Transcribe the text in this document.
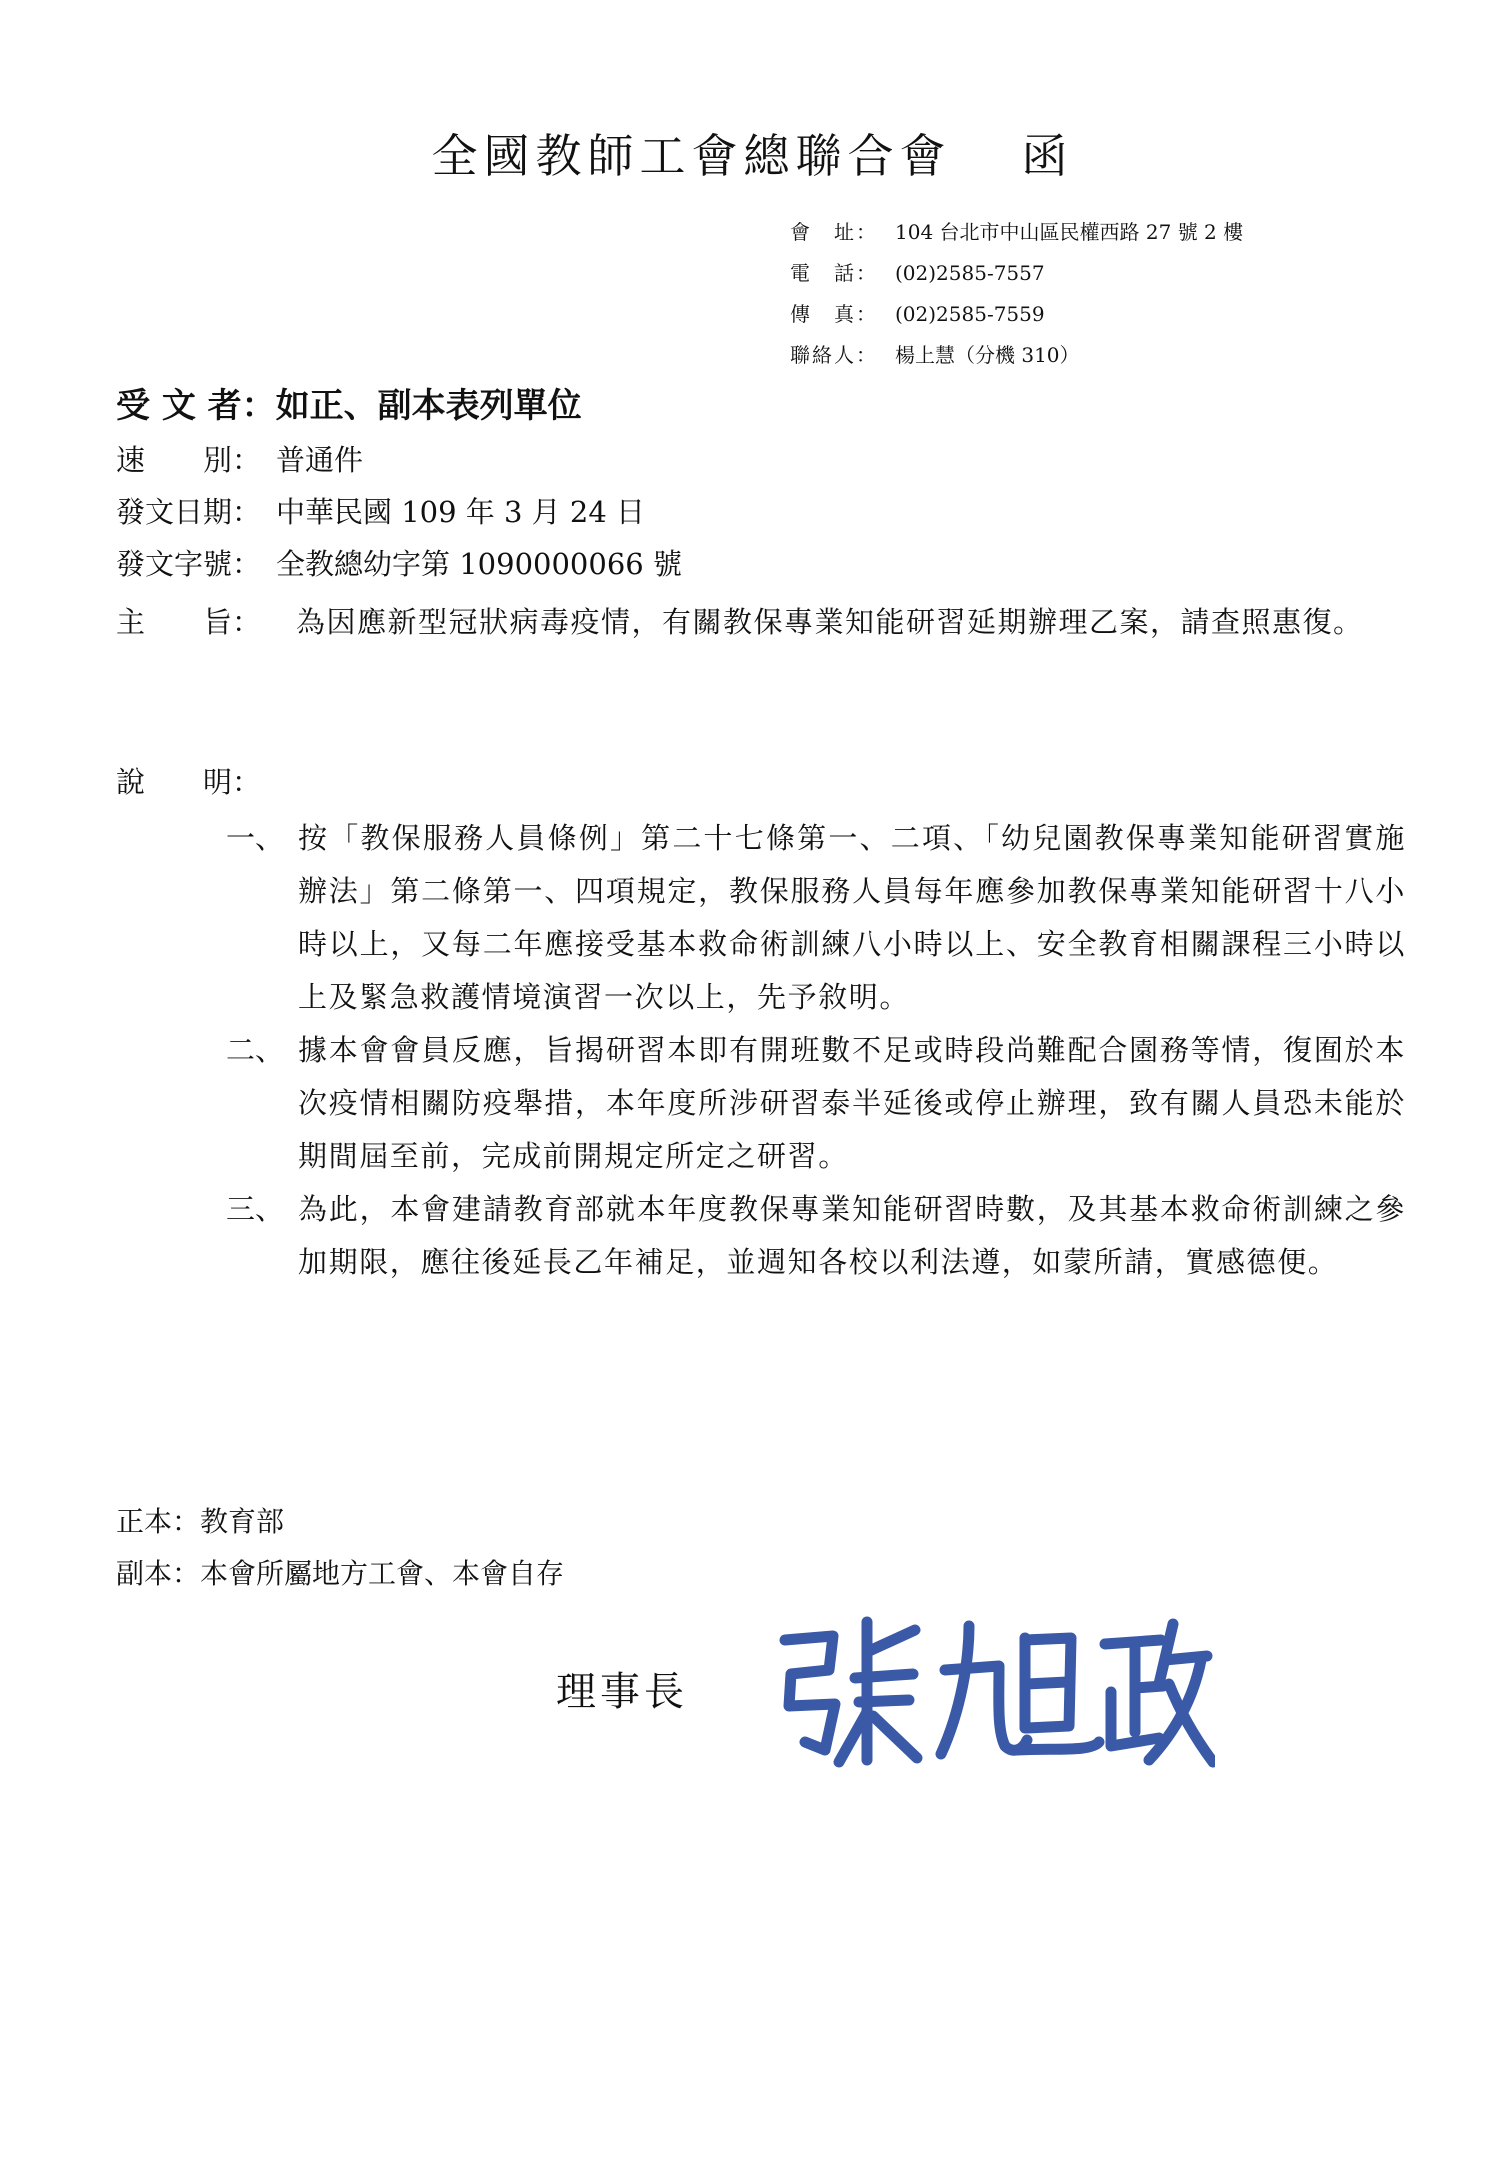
全國教師工會總聯合會 函
會　址： 104 台北市中山區民權西路 27 號 2 樓
電　話： (02)2585-7557
傳　真： (02)2585-7559
聯絡人： 楊上慧（分機 310）
受 文 者：如正、副本表列單位
速　　別： 普通件
發文日期： 中華民國 109 年 3 月 24 日
發文字號： 全教總幼字第 1090000066 號
主　　旨：	為因應新型冠狀病毒疫情，有關教保專業知能研習延期辦理乙案，請查照惠復。
說　　明：
一、 按「教保服務人員條例」第二十七條第一、二項、「幼兒園教保專業知能研習實施辦法」第二條第一、四項規定，教保服務人員每年應參加教保專業知能研習十八小時以上，又每二年應接受基本救命術訓練八小時以上、安全教育相關課程三小時以上及緊急救護情境演習一次以上，先予敘明。
二、 據本會會員反應，旨揭研習本即有開班數不足或時段尚難配合園務等情，復囿於本次疫情相關防疫舉措，本年度所涉研習泰半延後或停止辦理，致有關人員恐未能於期間屆至前，完成前開規定所定之研習。
三、 為此，本會建請教育部就本年度教保專業知能研習時數，及其基本救命術訓練之參加期限，應往後延長乙年補足，並週知各校以利法遵，如蒙所請，實感德便。
正本：教育部
副本：本會所屬地方工會、本會自存
理事長
